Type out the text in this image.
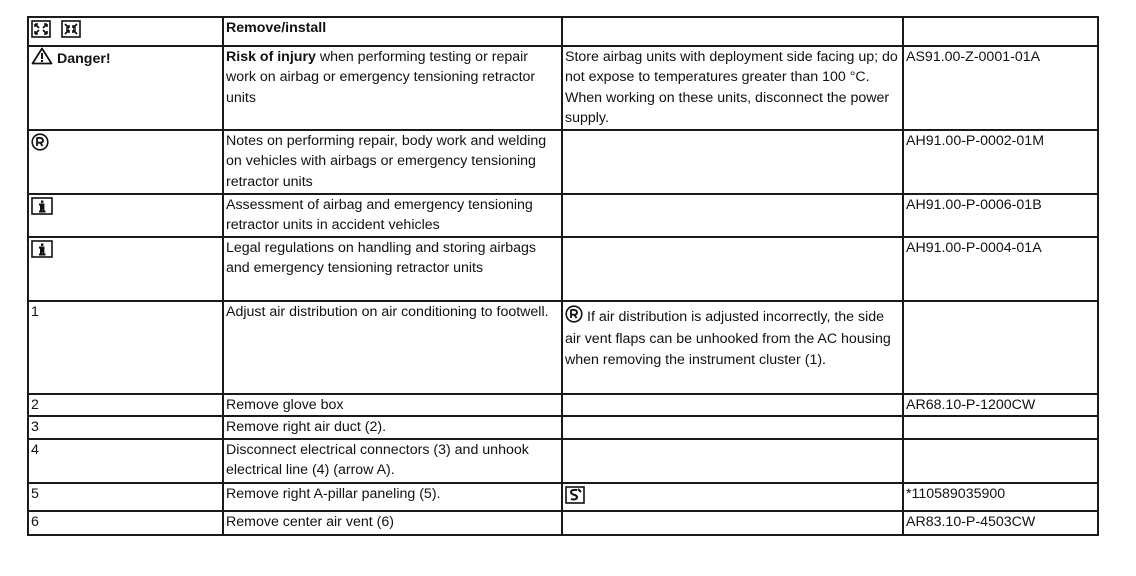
	Remove/install		
Danger!	Risk of injury when performing testing or repair work on airbag or emergency tensioning retractor units	Store airbag units with deployment side facing up; do not expose to temperatures greater than 100 °C. When working on these units, disconnect the power supply.	AS91.00-Z-0001-01A
	Notes on performing repair, body work and welding on vehicles with airbags or emergency tensioning retractor units		AH91.00-P-0002-01M
	Assessment of airbag and emergency tensioning retractor units in accident vehicles		AH91.00-P-0006-01B
	Legal regulations on handling and storing airbags and emergency tensioning retractor units		AH91.00-P-0004-01A
1	Adjust air distribution on air conditioning to footwell.	If air distribution is adjusted incorrectly, the side air vent flaps can be unhooked from the AC housing when removing the instrument cluster (1).	
2	Remove glove box		AR68.10-P-1200CW
3	Remove right air duct (2).		
4	Disconnect electrical connectors (3) and unhook electrical line (4) (arrow A).		
5	Remove right A-pillar paneling (5).		*110589035900
6	Remove center air vent (6)		AR83.10-P-4503CW
